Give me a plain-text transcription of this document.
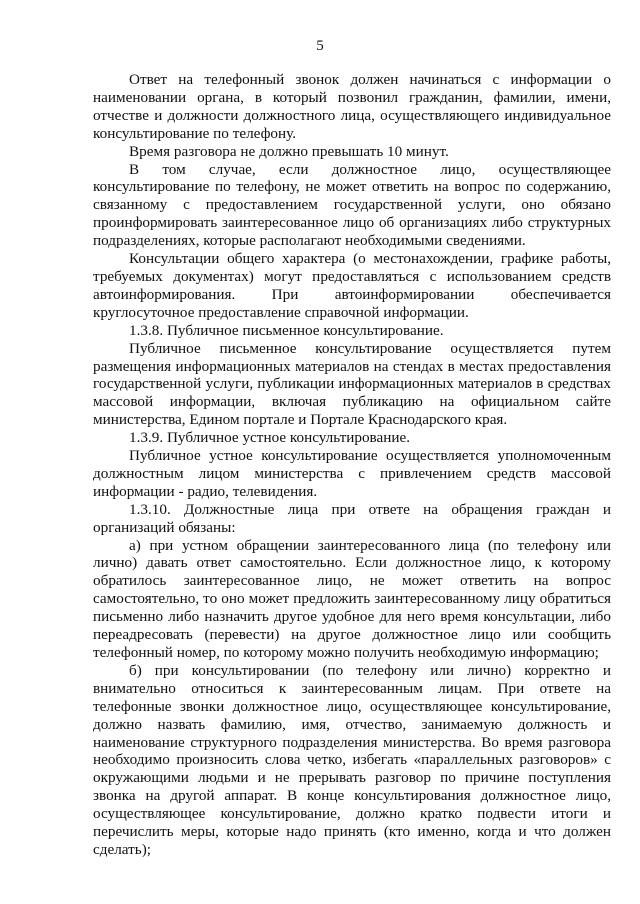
5

Ответ на телефонный звонок должен начинаться с информации о наименовании органа, в который позвонил гражданин, фамилии, имени, отчестве и должности должностного лица, осуществляющего индивидуальное консультирование по телефону.

Время разговора не должно превышать 10 минут.

В том случае, если должностное лицо, осуществляющее консультирование по телефону, не может ответить на вопрос по содержанию, связанному с предоставлением государственной услуги, оно обязано проинформировать заинтересованное лицо об организациях либо структурных подразделениях, которые располагают необходимыми сведениями.

Консультации общего характера (о местонахождении, графике работы, требуемых документах) могут предоставляться с использованием средств автоинформирования. При автоинформировании обеспечивается круглосуточное предоставление справочной информации.

1.3.8. Публичное письменное консультирование.

Публичное письменное консультирование осуществляется путем размещения информационных материалов на стендах в местах предоставления государственной услуги, публикации информационных материалов в средствах массовой информации, включая публикацию на официальном сайте министерства, Едином портале и Портале Краснодарского края.

1.3.9. Публичное устное консультирование.

Публичное устное консультирование осуществляется уполномоченным должностным лицом министерства с привлечением средств массовой информации - радио, телевидения.

1.3.10. Должностные лица при ответе на обращения граждан и организаций обязаны:

а) при устном обращении заинтересованного лица (по телефону или лично) давать ответ самостоятельно. Если должностное лицо, к которому обратилось заинтересованное лицо, не может ответить на вопрос самостоятельно, то оно может предложить заинтересованному лицу обратиться письменно либо назначить другое удобное для него время консультации, либо переадресовать (перевести) на другое должностное лицо или сообщить телефонный номер, по которому можно получить необходимую информацию;

б) при консультировании (по телефону или лично) корректно и внимательно относиться к заинтересованным лицам. При ответе на телефонные звонки должностное лицо, осуществляющее консультирование, должно назвать фамилию, имя, отчество, занимаемую должность и наименование структурного подразделения министерства. Во время разговора необходимо произносить слова четко, избегать «параллельных разговоров» с окружающими людьми и не прерывать разговор по причине поступления звонка на другой аппарат. В конце консультирования должностное лицо, осуществляющее консультирование, должно кратко подвести итоги и перечислить меры, которые надо принять (кто именно, когда и что должен сделать);
